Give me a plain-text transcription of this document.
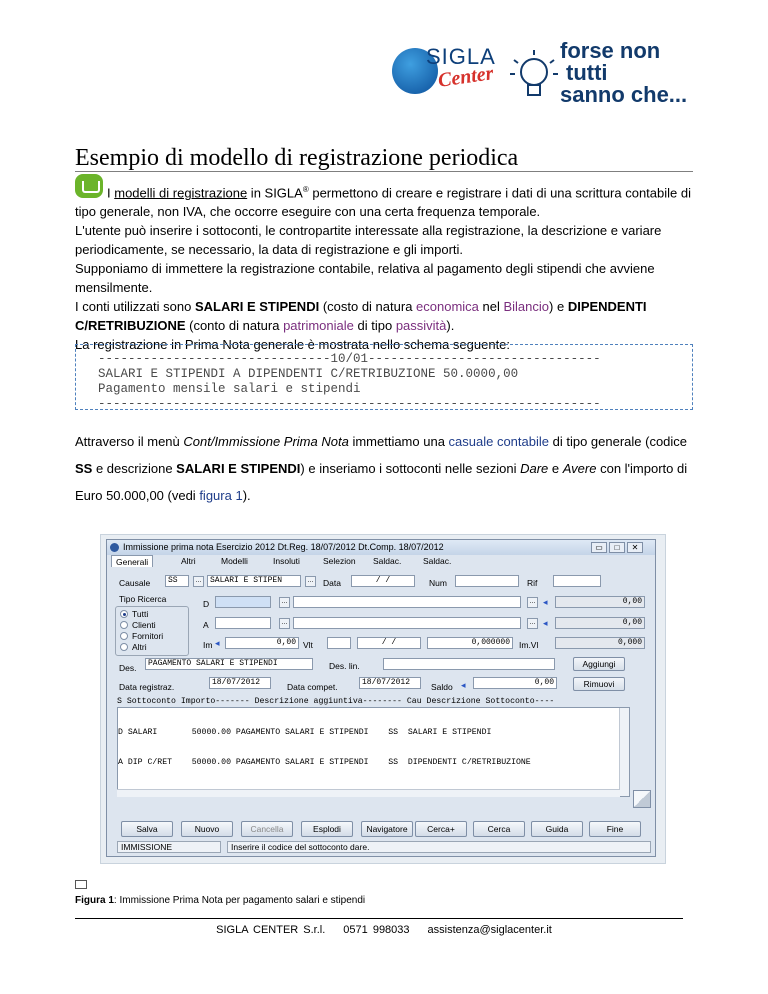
SIGLA
Center
forse non
tutti
sanno che...
Esempio di modello di registrazione periodica
I modelli di registrazione in SIGLA® permettono di creare e registrare i dati di una scrittura contabile di tipo generale, non IVA, che occorre eseguire con una certa frequenza temporale.
L'utente può inserire i sottoconti, le contropartite interessate alla registrazione, la descrizione e variare periodicamente, se necessario, la data di registrazione e gli importi.
Supponiamo di immettere la registrazione contabile, relativa al pagamento degli stipendi che avviene mensilmente.
I conti utilizzati sono SALARI E STIPENDI (costo di natura economica nel Bilancio) e DIPENDENTI C/RETRIBUZIONE (conto di natura patrimoniale di tipo passività).
La registrazione in Prima Nota generale è mostrata nello schema seguente:
-------------------------------10/01-------------------------------
SALARI E STIPENDI A DIPENDENTI C/RETRIBUZIONE 50.0000,00
Pagamento mensile salari e stipendi
-------------------------------------------------------------------
Attraverso il menù Cont/Immissione Prima Nota immettiamo una casuale contabile di tipo generale (codice SS e descrizione SALARI E STIPENDI) e inseriamo i sottoconti nelle sezioni Dare e Avere con l'importo di Euro 50.000,00 (vedi figura 1).
Immissione prima nota Esercizio 2012 Dt.Reg. 18/07/2012 Dt.Comp. 18/07/2012	▭	□	✕
Generali	Altri	Modelli	Insoluti	Selezion	Saldac.	Saldac.
Causale	SS	...	SALARI E STIPEN	...	Data	/ /	Num	Rif
Tipo Ricerca
Tutti
Clienti
Fornitori
Altri
D	...	... ◂	0,00
A	...	... ◂	0,00
Im ◂	0,00 Vlt	/ /	0,000000	Im.Vl	0,000
Des.	PAGAMENTO SALARI E STIPENDI	Des. lin.	Aggiungi
Data registraz.	18/07/2012	Data compet.	18/07/2012	Saldo ◂	0,00	Rimuovi
S Sottoconto Importo------- Descrizione aggiuntiva-------- Cau Descrizione Sottoconto----

D SALARI       50000.00 PAGAMENTO SALARI E STIPENDI    SS  SALARI E STIPENDI

A DIP C/RET    50000.00 PAGAMENTO SALARI E STIPENDI    SS  DIPENDENTI C/RETRIBUZIONE

Salva	Nuovo	Cancella	Esplodi	Navigatore	Cerca+	Cerca	Guida	Fine
IMMISSIONE	Inserire il codice del sottoconto dare.
Figura 1: Immissione Prima Nota per pagamento salari e stipendi
SIGLA CENTER S.r.l. 0571 998033 assistenza@siglacenter.it
